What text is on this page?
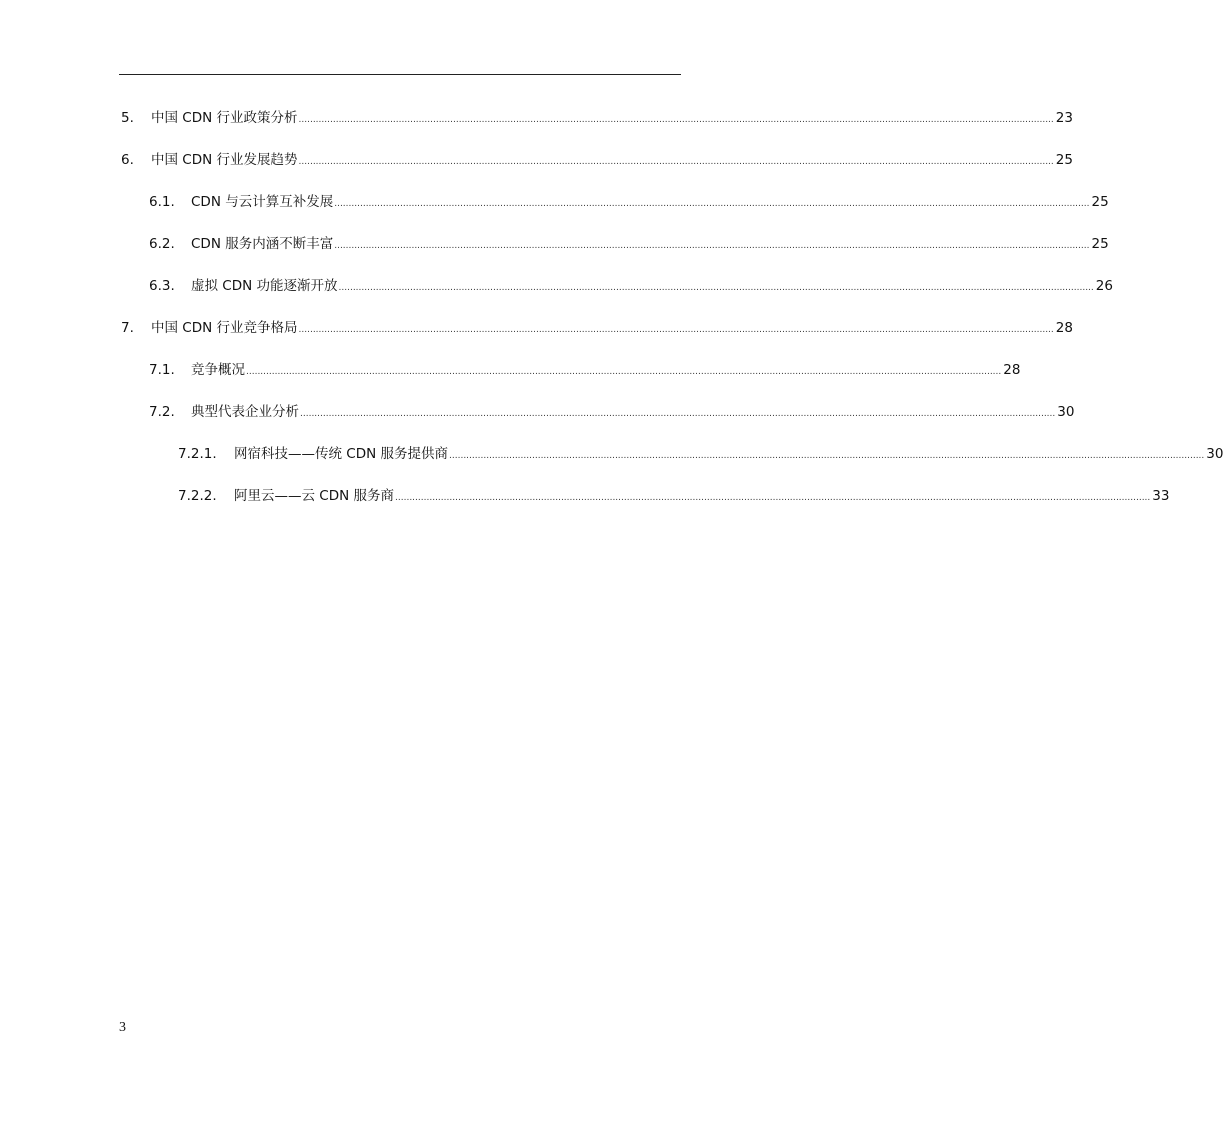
5.	中国 CDN 行业政策分析 ........................................................................................................................................................................................................................................................................ 23
6.	中国 CDN 行业发展趋势 ........................................................................................................................................................................................................................................................................ 25
6.1.	CDN 与云计算互补发展 ........................................................................................................................................................................................................................................................................ 25
6.2.	CDN 服务内涵不断丰富 ........................................................................................................................................................................................................................................................................ 25
6.3.	虚拟 CDN 功能逐渐开放 ........................................................................................................................................................................................................................................................................ 26
7.	中国 CDN 行业竞争格局 ........................................................................................................................................................................................................................................................................ 28
7.1.	竞争概况 ........................................................................................................................................................................................................................................................................ 28
7.2.	典型代表企业分析 ........................................................................................................................................................................................................................................................................ 30
7.2.1.	网宿科技——传统 CDN 服务提供商 ........................................................................................................................................................................................................................................................................ 30
7.2.2.	阿里云——云 CDN 服务商 ........................................................................................................................................................................................................................................................................ 33
3
